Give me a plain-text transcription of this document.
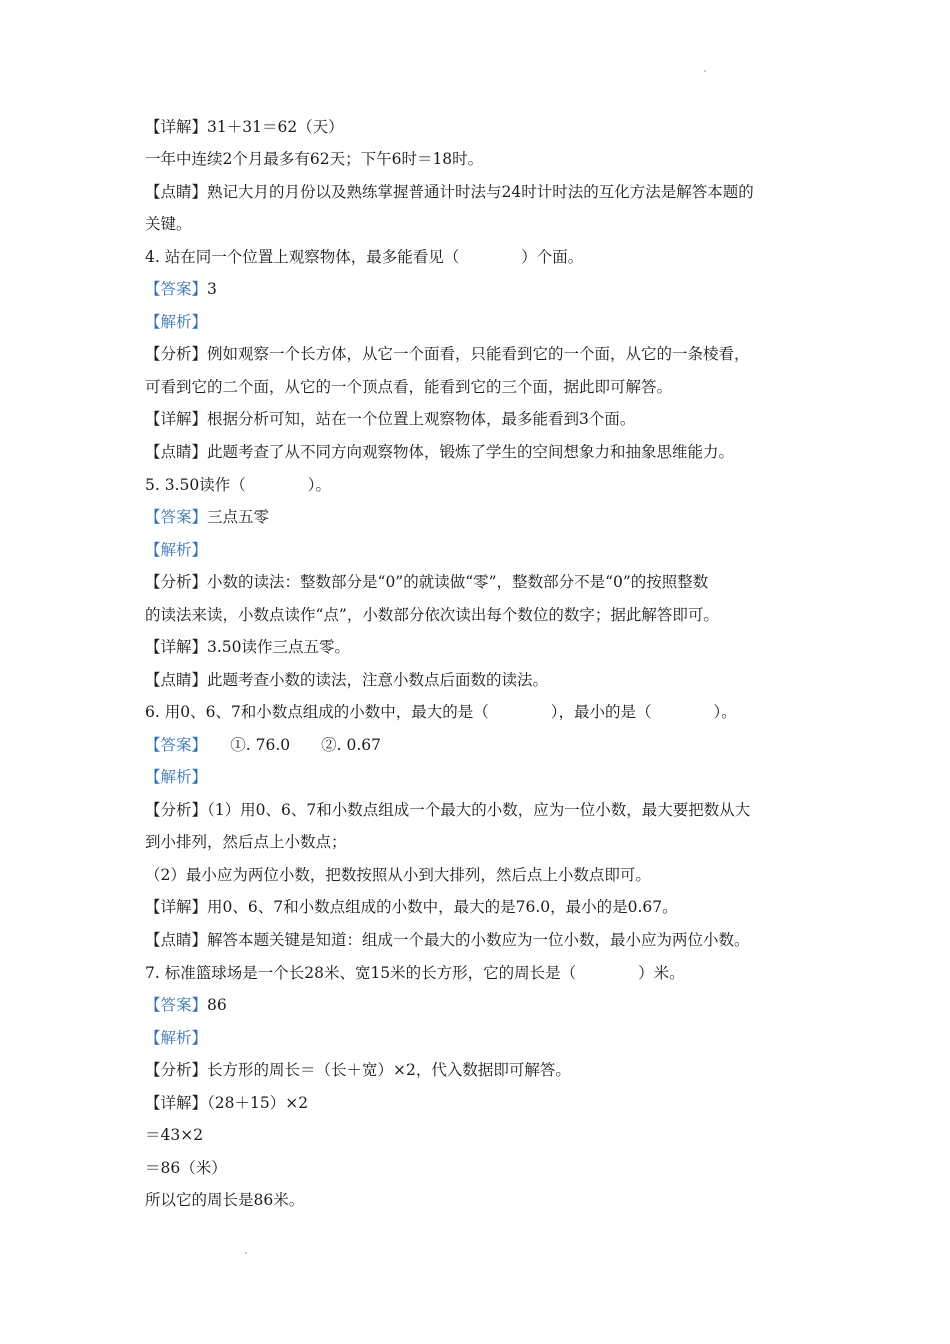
【详解】31＋31＝62（天）
一年中连续2个月最多有62天；下午6时＝18时。
【点睛】熟记大月的月份以及熟练掌握普通计时法与24时计时法的互化方法是解答本题的
关键。
4. 站在同一个位置上观察物体，最多能看见（　　　　）个面。
【答案】3
【解析】
【分析】例如观察一个长方体，从它一个面看，只能看到它的一个面，从它的一条棱看，
可看到它的二个面，从它的一个顶点看，能看到它的三个面，据此即可解答。
【详解】根据分析可知，站在一个位置上观察物体，最多能看到3个面。
【点睛】此题考查了从不同方向观察物体，锻炼了学生的空间想象力和抽象思维能力。
5. 3.50读作（　　　　）。
【答案】三点五零
【解析】
【分析】小数的读法：整数部分是“0”的就读做“零”，整数部分不是“0”的按照整数
的读法来读，小数点读作“点”，小数部分依次读出每个数位的数字；据此解答即可。
【详解】3.50读作三点五零。
【点睛】此题考查小数的读法，注意小数点后面数的读法。
6. 用0、6、7和小数点组成的小数中，最大的是（　　　　），最小的是（　　　　）。
【答案】　　①. 76.0　　②. 0.67
【解析】
【分析】（1）用0、6、7和小数点组成一个最大的小数，应为一位小数，最大要把数从大
到小排列，然后点上小数点；
（2）最小应为两位小数，把数按照从小到大排列，然后点上小数点即可。
【详解】用0、6、7和小数点组成的小数中，最大的是76.0，最小的是0.67。
【点睛】解答本题关键是知道：组成一个最大的小数应为一位小数，最小应为两位小数。
7. 标准篮球场是一个长28米、宽15米的长方形，它的周长是（　　　　）米。
【答案】86
【解析】
【分析】长方形的周长＝（长＋宽）×2，代入数据即可解答。
【详解】（28＋15）×2
＝43×2
＝86（米）
所以它的周长是86米。
